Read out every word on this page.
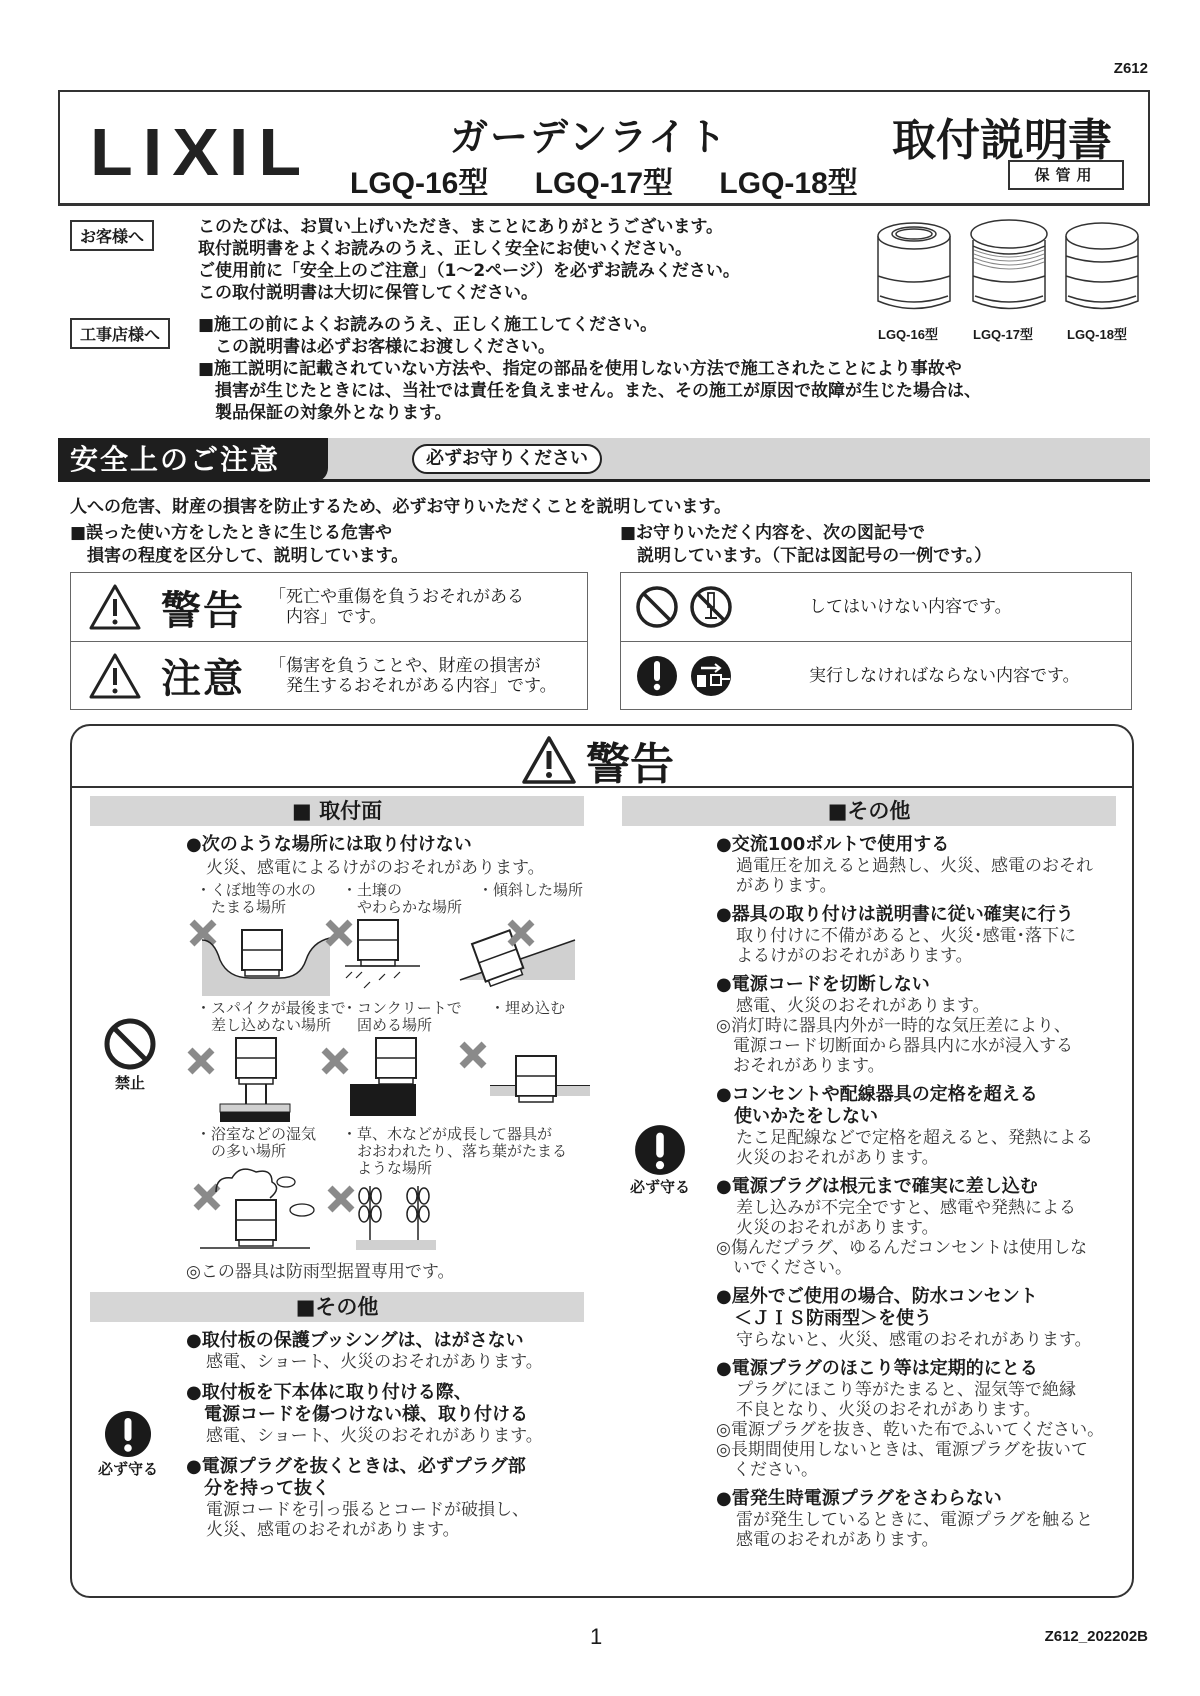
Z612
LIXIL	ガーデンライト
LGQ-16型 LGQ-17型 LGQ-18型
取付説明書
保管用
お客様へ	このたびは、お買い上げいただき、まことにありがとうございます。
取付説明書をよくお読みのうえ、正しく安全にお使いください。
ご使用前に「安全上のご注意」（1～2ページ）を必ずお読みください。
この取付説明書は大切に保管してください。
工事店様へ	■施工の前によくお読みのうえ、正しく施工してください。
　この説明書は必ずお客様にお渡しください。
■施工説明に記載されていない方法や、指定の部品を使用しない方法で施工されたことにより事故や
　損害が生じたときには、当社では責任を負えません。また、その施工が原因で故障が生じた場合は、
　製品保証の対象外となります。
LGQ-16型	LGQ-17型	LGQ-18型
安全上のご注意	必ずお守りください
人への危害、財産の損害を防止するため、必ずお守りいただくことを説明しています。
■誤った使い方をしたときに生じる危害や
　損害の程度を区分して、説明しています。
■お守りいただく内容を、次の図記号で
　説明しています。（下記は図記号の一例です。）
警告 「死亡や重傷を負うおそれがある
　内容」です。
注意 「傷害を負うことや、財産の損害が
　発生するおそれがある内容」です。
してはいけない内容です。
実行しなければならない内容です。
警告
■ 取付面
●次のような場所には取り付けない
火災、感電によるけがのおそれがあります。
禁止
・くぼ地等の水の
　たまる場所
・土壌の
　やわらかな場所
・傾斜した場所
・スパイクが最後まで
　差し込めない場所
・コンクリートで
　固める場所
・埋め込む
・浴室などの湿気
　の多い場所
・草、木などが成長して器具が
　おおわれたり、落ち葉がたまる
　ような場所
◎この器具は防雨型据置専用です。
■その他
●取付板の保護ブッシングは、はがさない
感電、ショート、火災のおそれがあります。
●取付板を下本体に取り付ける際、
　電源コードを傷つけない様、取り付ける
感電、ショート、火災のおそれがあります。
●電源プラグを抜くときは、必ずプラグ部
　分を持って抜く
電源コードを引っ張るとコードが破損し、
火災、感電のおそれがあります。
必ず守る
■その他
必ず守る
●交流100ボルトで使用する
過電圧を加えると過熱し、火災、感電のおそれ
があります。
●器具の取り付けは説明書に従い確実に行う
取り付けに不備があると、火災･感電･落下に
よるけがのおそれがあります。
●電源コードを切断しない
感電、火災のおそれがあります。
◎消灯時に器具内外が一時的な気圧差により、
　電源コード切断面から器具内に水が浸入する
　おそれがあります。
●コンセントや配線器具の定格を超える
　使いかたをしない
たこ足配線などで定格を超えると、発熱による
火災のおそれがあります。
●電源プラグは根元まで確実に差し込む
差し込みが不完全ですと、感電や発熱による
火災のおそれがあります。
◎傷んだプラグ、ゆるんだコンセントは使用しな
　いでください。
●屋外でご使用の場合、防水コンセント
　＜ＪＩＳ防雨型＞を使う
守らないと、火災、感電のおそれがあります。
●電源プラグのほこり等は定期的にとる
プラグにほこり等がたまると、湿気等で絶縁
不良となり、火災のおそれがあります。
◎電源プラグを抜き、乾いた布でふいてください。
◎長期間使用しないときは、電源プラグを抜いて
　ください。
●雷発生時電源プラグをさわらない
雷が発生しているときに、電源プラグを触ると
感電のおそれがあります。
1	Z612_202202B
